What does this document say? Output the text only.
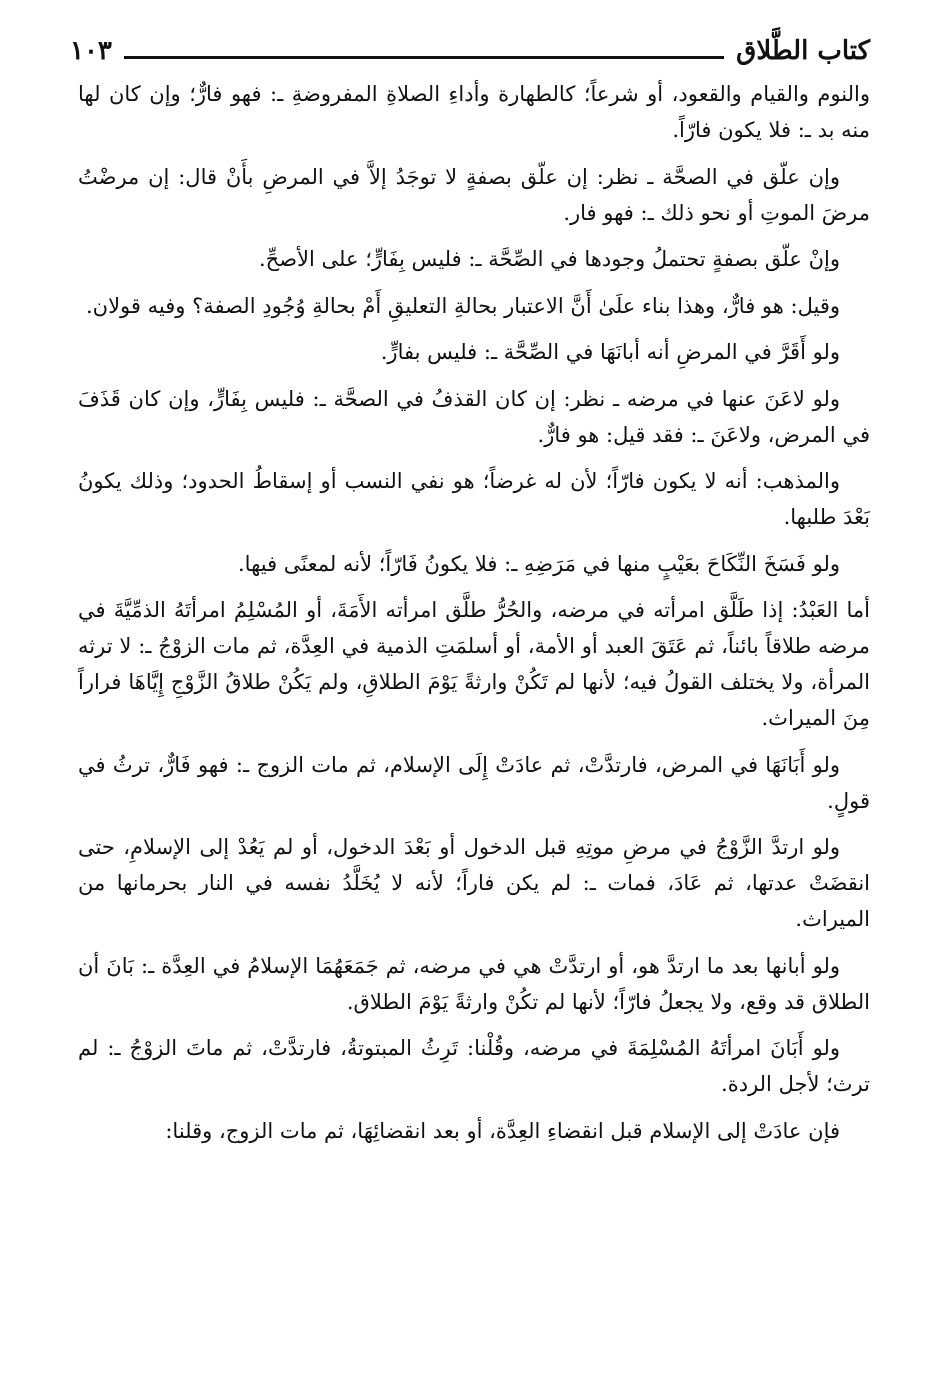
كتاب الطَّلاق
١٠٣

والنوم والقيام والقعود، أو شرعاً؛ كالطهارة وأداءِ الصلاةِ المفروضةِ ـ: فهو فارٌّ؛ وإن كان لها منه بد ـ: فلا يكون فارّاً.

وإن علّق في الصحَّة ـ نظر: إن علّق بصفةٍ لا توجَدُ إلاَّ في المرضِ بأَنْ قال: إن مرضْتُ مرضَ الموتِ أو نحو ذلك ـ: فهو فار.

وإنْ علّق بصفةٍ تحتملُ وجودها في الصِّحَّة ـ: فليس بِفَارٍّ؛ على الأصحِّ.

وقيل: هو فارٌّ، وهذا بناء علَىٰ أَنَّ الاعتبار بحالةِ التعليقِ أَمْ بحالةِ وُجُودِ الصفة؟ وفيه قولان.

ولو أَقَرَّ في المرضِ أنه أبانَهَا في الصِّحَّة ـ: فليس بفارٍّ.

ولو لاعَنَ عنها في مرضه ـ نظر: إن كان القذفُ في الصحَّة ـ: فليس بِفَارٍّ، وإن كان قَذَفَ في المرض، ولاعَنَ ـ: فقد قيل: هو فارٌّ.

والمذهب: أنه لا يكون فارّاً؛ لأن له غرضاً؛ هو نفي النسب أو إسقاطُ الحدود؛ وذلك يكونُ بَعْدَ طلبها.

ولو فَسَخَ النِّكَاحَ بعَيْبٍ منها في مَرَضِهِ ـ: فلا يكونُ فَارّاً؛ لأنه لمعنًى فيها.

أما العَبْدُ: إذا طَلَّق امرأته في مرضه، والحُرُّ طلَّق امرأته الأَمَةَ، أو المُسْلِمُ امرأتَهُ الذمِّيَّةَ في مرضه طلاقاً بائناً، ثم عَتَقَ العبد أو الأمة، أو أسلمَتِ الذمية في العِدَّة، ثم مات الزوْجُ ـ: لا ترثه المرأة، ولا يختلف القولُ فيه؛ لأنها لم تَكُنْ وارثةً يَوْمَ الطلاقِ، ولم يَكُنْ طلاقُ الزَّوْجِ إِيَّاهَا فراراً مِنَ الميراث.

ولو أَبَانَهَا في المرض، فارتدَّتْ، ثم عادَتْ إِلَى الإسلام، ثم مات الزوج ـ: فهو فَارٌّ، ترثُ في قولٍ.

ولو ارتدَّ الزَّوْجُ في مرضِ موتِهِ قبل الدخول أو بَعْدَ الدخول، أو لم يَعُدْ إلى الإسلامِ، حتى انقضَتْ عدتها، ثم عَادَ، فمات ـ: لم يكن فاراً؛ لأنه لا يُخَلَّدُ نفسه في النار بحرمانها من الميراث.

ولو أبانها بعد ما ارتدَّ هو، أو ارتدَّتْ هي في مرضه، ثم جَمَعَهُمَا الإسلامُ في العِدَّة ـ: بَانَ أن الطلاق قد وقع، ولا يجعلُ فارّاً؛ لأنها لم تكُنْ وارثةً يَوْمَ الطلاق.

ولو أَبَانَ امرأتَهُ المُسْلِمَةَ في مرضه، وقُلْنا: تَرِثُ المبتوتةُ، فارتدَّتْ، ثم ماتَ الزوْجُ ـ: لم ترث؛ لأجل الردة.

فإن عادَتْ إلى الإسلام قبل انقضاءِ العِدَّة، أو بعد انقضائِهَا، ثم مات الزوج، وقلنا:
